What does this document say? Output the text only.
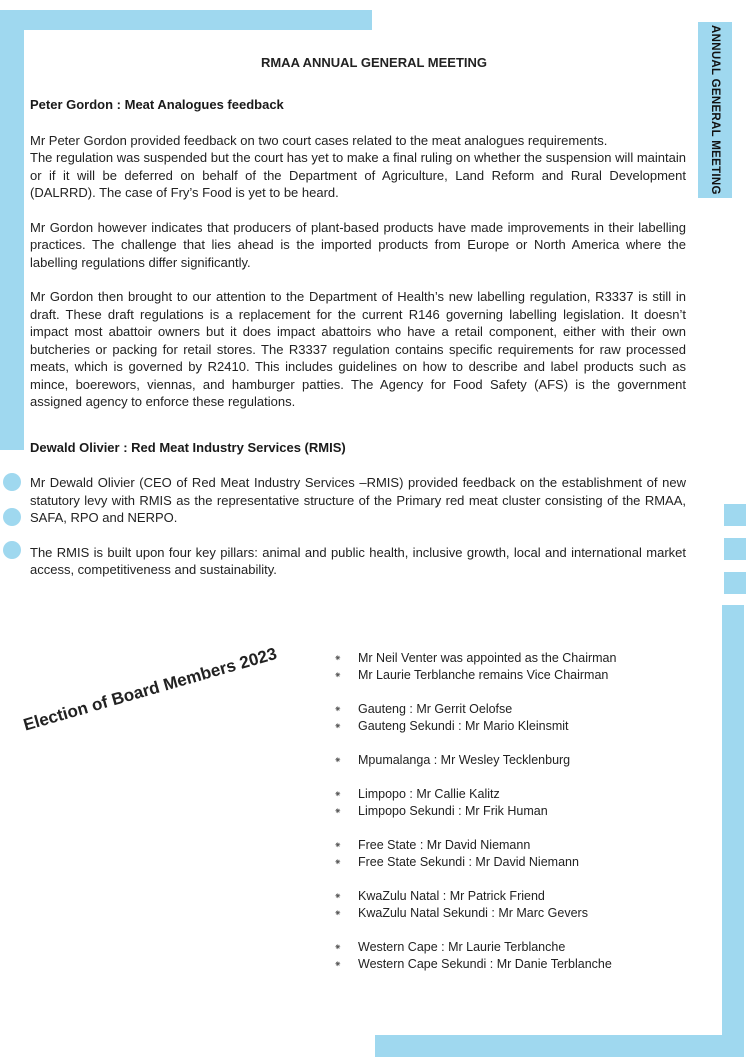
ANNUAL GENERAL MEETING
RMAA ANNUAL GENERAL MEETING
Peter Gordon : Meat Analogues feedback

Mr Peter Gordon provided feedback on two court cases related to the meat analogues requirements.

The regulation was suspended but the court has yet to make a final ruling on whether the suspension will maintain or if it will be deferred on behalf of the Department of Agriculture, Land Reform and Rural Development (DALRRD). The case of Fry’s Food is yet to be heard.

Mr Gordon however indicates that producers of plant-based products have made improvements in their labelling practices. The challenge that lies ahead is the imported products from Europe or North America where the labelling regulations differ significantly.

Mr Gordon then brought to our attention to the Department of Health’s new labelling regulation, R3337 is still in draft. These draft regulations is a replacement for the current R146 governing labelling legislation. It doesn’t impact most abattoir owners but it does impact abattoirs who have a retail component, either with their own butcheries or packing for retail stores. The R3337 regulation contains specific requirements for raw processed meats, which is governed by R2410. This includes guidelines on how to describe and label products such as mince, boerewors, viennas, and hamburger patties. The Agency for Food Safety (AFS) is the government assigned agency to enforce these regulations.

Dewald Olivier : Red Meat Industry Services (RMIS)

Mr Dewald Olivier (CEO of Red Meat Industry Services –RMIS) provided feedback on the establishment of new statutory levy with RMIS as the representative structure of the Primary red meat cluster consisting of the RMAA, SAFA, RPO and NERPO.

The RMIS is built upon four key pillars: animal and public health, inclusive growth, local and international market access, competitiveness and sustainability.

Election of Board Members 2023	⁕	Mr Neil Venter was appointed as the Chairman
⁕	Mr Laurie Terblanche remains Vice Chairman
⁕	Gauteng : Mr Gerrit Oelofse
⁕	Gauteng Sekundi : Mr Mario Kleinsmit
⁕	Mpumalanga : Mr Wesley Tecklenburg
⁕	Limpopo : Mr Callie Kalitz
⁕	Limpopo Sekundi : Mr Frik Human
⁕	Free State : Mr David Niemann
⁕	Free State Sekundi : Mr David Niemann
⁕	KwaZulu Natal : Mr Patrick Friend
⁕	KwaZulu Natal Sekundi : Mr Marc Gevers
⁕	Western Cape : Mr Laurie Terblanche
⁕	Western Cape Sekundi : Mr Danie Terblanche
